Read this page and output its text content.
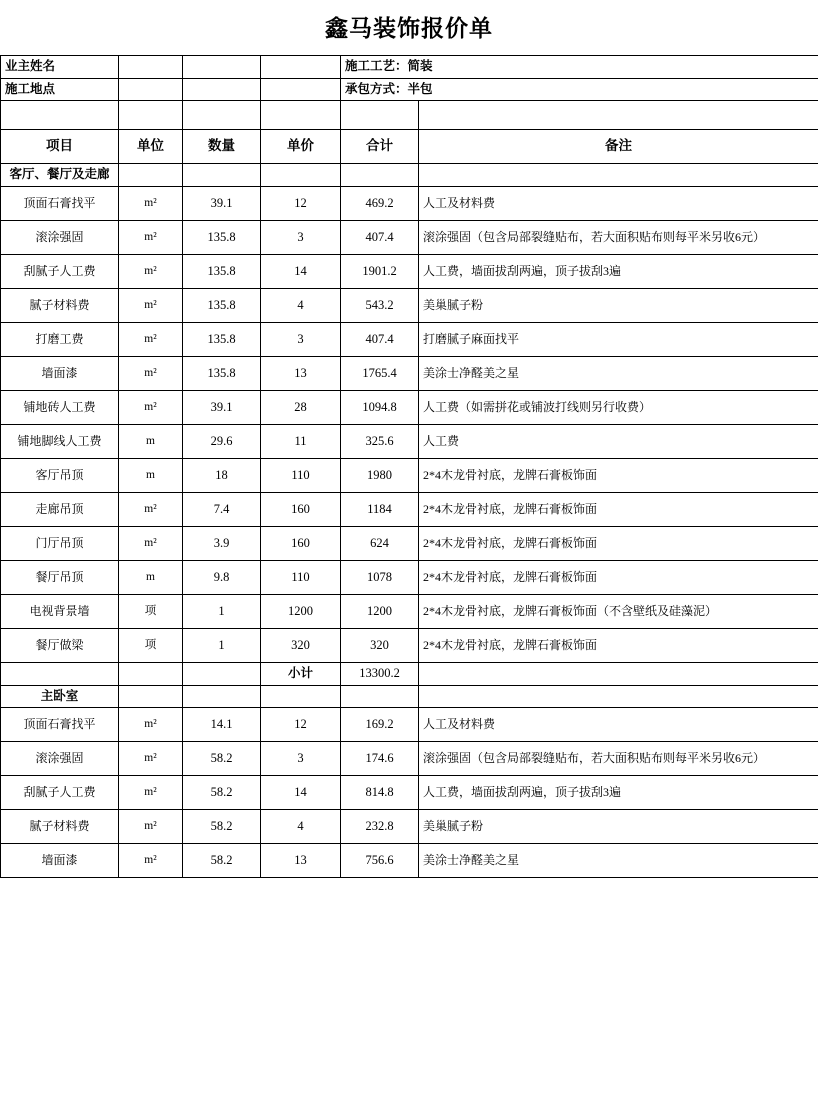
鑫马装饰报价单
业主姓名				施工工艺：简装	
施工地点				承包方式：半包	

项目	单位	数量	单价	合计	备注
客厅、餐厅及走廊					
顶面石膏找平	m²	39.1	12	469.2	人工及材料费
滚涂强固	m²	135.8	3	407.4	滚涂强固（包含局部裂缝贴布，若大面积贴布则每平米另收6元）
刮腻子人工费	m²	135.8	14	1901.2	人工费，墙面拔刮两遍，顶子拔刮3遍
腻子材料费	m²	135.8	4	543.2	美巢腻子粉
打磨工费	m²	135.8	3	407.4	打磨腻子麻面找平
墙面漆	m²	135.8	13	1765.4	美涂士净醛美之星
铺地砖人工费	m²	39.1	28	1094.8	人工费（如需拼花或铺波打线则另行收费）
铺地脚线人工费	m	29.6	11	325.6	人工费
客厅吊顶	m	18	110	1980	2*4木龙骨衬底，龙牌石膏板饰面
走廊吊顶	m²	7.4	160	1184	2*4木龙骨衬底，龙牌石膏板饰面
门厅吊顶	m²	3.9	160	624	2*4木龙骨衬底，龙牌石膏板饰面
餐厅吊顶	m	9.8	110	1078	2*4木龙骨衬底，龙牌石膏板饰面
电视背景墙	项	1	1200	1200	2*4木龙骨衬底，龙牌石膏板饰面（不含壁纸及硅藻泥）
餐厅做梁	项	1	320	320	2*4木龙骨衬底，龙牌石膏板饰面
			小计	13300.2	
主卧室					
顶面石膏找平	m²	14.1	12	169.2	人工及材料费
滚涂强固	m²	58.2	3	174.6	滚涂强固（包含局部裂缝贴布，若大面积贴布则每平米另收6元）
刮腻子人工费	m²	58.2	14	814.8	人工费，墙面拔刮两遍，顶子拔刮3遍
腻子材料费	m²	58.2	4	232.8	美巢腻子粉
墙面漆	m²	58.2	13	756.6	美涂士净醛美之星
